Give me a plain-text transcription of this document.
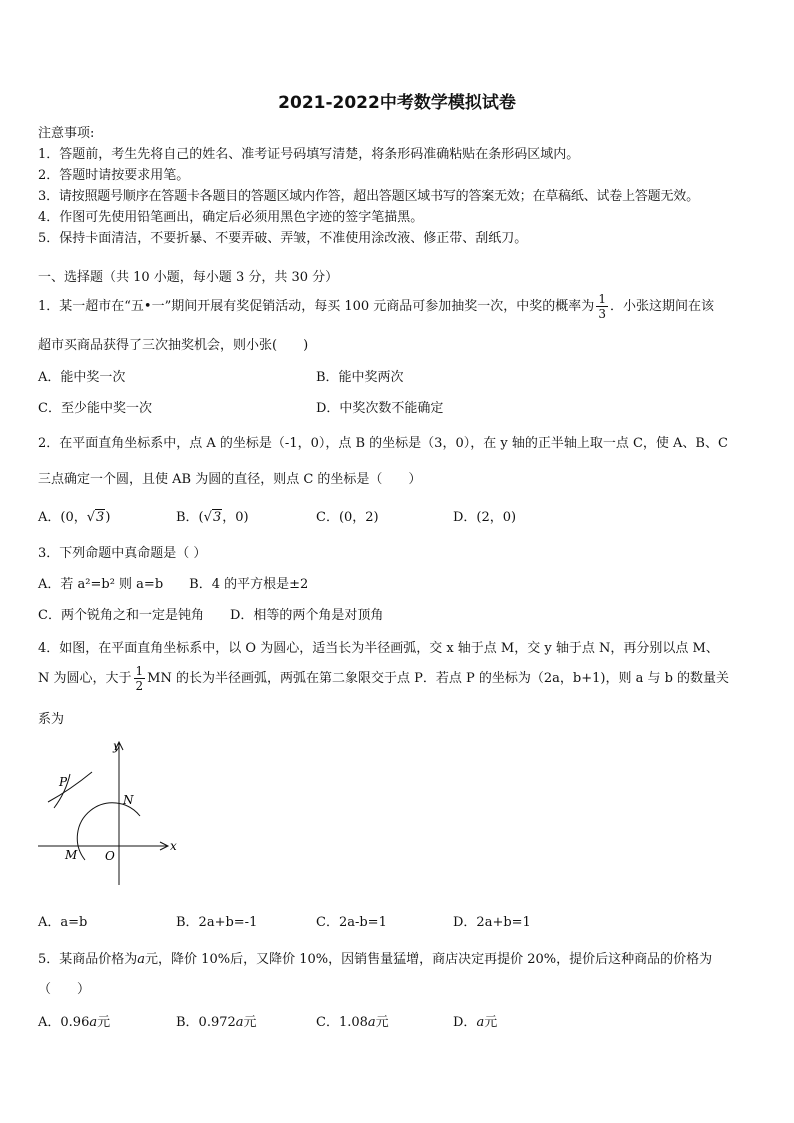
2021-2022中考数学模拟试卷
注意事项:
1．答题前，考生先将自己的姓名、准考证号码填写清楚，将条形码准确粘贴在条形码区域内。
2．答题时请按要求用笔。
3．请按照题号顺序在答题卡各题目的答题区域内作答，超出答题区域书写的答案无效；在草稿纸、试卷上答题无效。
4．作图可先使用铅笔画出，确定后必须用黑色字迹的签字笔描黑。
5．保持卡面清洁，不要折暴、不要弄破、弄皱，不准使用涂改液、修正带、刮纸刀。
一、选择题（共 10 小题，每小题 3 分，共 30 分）
1．某一超市在“五•一”期间开展有奖促销活动，每买 100 元商品可参加抽奖一次，中奖的概率为 $\frac{1}{3}$ ．小张这期间在该
超市买商品获得了三次抽奖机会，则小张(　　)
A．能中奖一次	B．能中奖两次
C．至少能中奖一次	D．中奖次数不能确定
2．在平面直角坐标系中，点 A 的坐标是（-1，0），点 B 的坐标是（3，0），在 y 轴的正半轴上取一点 C，使 A、B、C
三点确定一个圆，且使 AB 为圆的直径，则点 C 的坐标是（　　）
A．(0，√3)	B．(√3，0)	C．(0，2)	D．(2，0)
3．下列命题中真命题是（ ）
A．若 a²=b² 则 a=b　　B．4 的平方根是±2
C．两个锐角之和一定是钝角　　D．相等的两个角是对顶角
4．如图，在平面直角坐标系中，以 O 为圆心，适当长为半径画弧，交 x 轴于点 M，交 y 轴于点 N，再分别以点 M、
N 为圆心，大于 $\frac{1}{2}$ MN 的长为半径画弧，两弧在第二象限交于点 P．若点 P 的坐标为（2a，b+1)，则 a 与 b 的数量关
系为
y
x
P
N
M O
A．a=b	B．2a+b=-1	C．2a-b=1	D．2a+b=1
5．某商品价格为a元，降价 10%后，又降价 10%，因销售量猛增，商店决定再提价 20%，提价后这种商品的价格为
（　　）
A．0.96a元	B．0.972a元	C．1.08a元	D．a元
